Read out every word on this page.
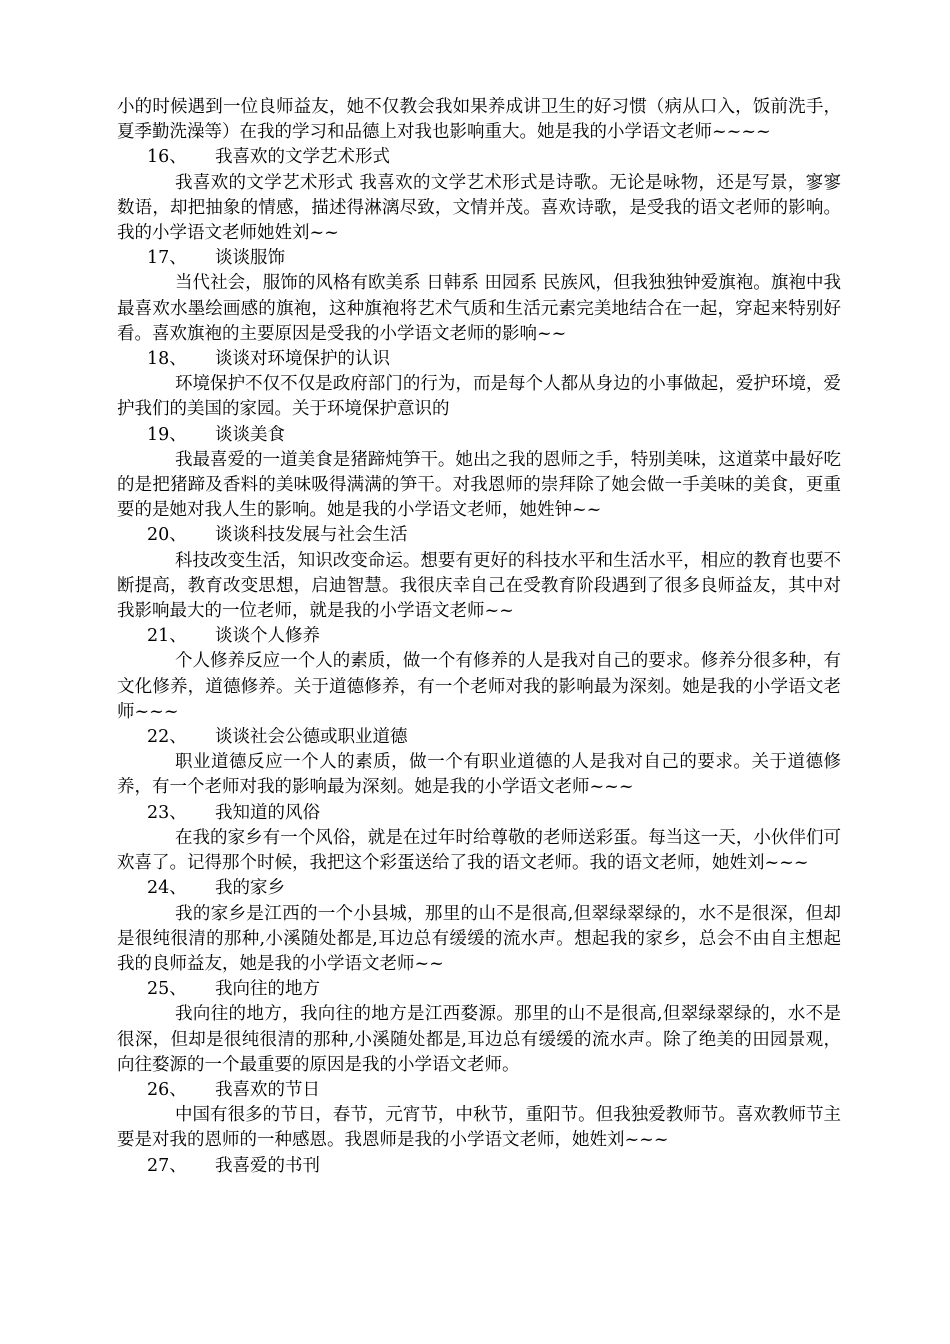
小的时候遇到一位良师益友，她不仅教会我如果养成讲卫生的好习惯（病从口入，饭前洗手，夏季勤洗澡等）在我的学习和品德上对我也影响重大。她是我的小学语文老师~~~~

16、 我喜欢的文学艺术形式

我喜欢的文学艺术形式 我喜欢的文学艺术形式是诗歌。无论是咏物，还是写景，寥寥数语，却把抽象的情感，描述得淋漓尽致，文情并茂。喜欢诗歌，是受我的语文老师的影响。我的小学语文老师她姓刘~~

17、 谈谈服饰

当代社会，服饰的风格有欧美系 日韩系 田园系 民族风，但我独独钟爱旗袍。旗袍中我最喜欢水墨绘画感的旗袍，这种旗袍将艺术气质和生活元素完美地结合在一起，穿起来特别好看。喜欢旗袍的主要原因是受我的小学语文老师的影响~~

18、 谈谈对环境保护的认识

环境保护不仅不仅是政府部门的行为，而是每个人都从身边的小事做起，爱护环境，爱护我们的美国的家园。关于环境保护意识的

19、 谈谈美食

我最喜爱的一道美食是猪蹄炖笋干。她出之我的恩师之手，特别美味，这道菜中最好吃的是把猪蹄及香料的美味吸得满满的笋干。对我恩师的崇拜除了她会做一手美味的美食，更重要的是她对我人生的影响。她是我的小学语文老师，她姓钟~~

20、 谈谈科技发展与社会生活

科技改变生活，知识改变命运。想要有更好的科技水平和生活水平，相应的教育也要不断提高，教育改变思想，启迪智慧。我很庆幸自己在受教育阶段遇到了很多良师益友，其中对我影响最大的一位老师，就是我的小学语文老师~~

21、 谈谈个人修养

个人修养反应一个人的素质，做一个有修养的人是我对自己的要求。修养分很多种，有文化修养，道德修养。关于道德修养，有一个老师对我的影响最为深刻。她是我的小学语文老师~~~

22、 谈谈社会公德或职业道德

职业道德反应一个人的素质，做一个有职业道德的人是我对自己的要求。关于道德修养，有一个老师对我的影响最为深刻。她是我的小学语文老师~~~

23、 我知道的风俗

在我的家乡有一个风俗，就是在过年时给尊敬的老师送彩蛋。每当这一天，小伙伴们可欢喜了。记得那个时候，我把这个彩蛋送给了我的语文老师。我的语文老师，她姓刘~~~

24、 我的家乡

我的家乡是江西的一个小县城，那里的山不是很高,但翠绿翠绿的，水不是很深，但却是很纯很清的那种,小溪随处都是,耳边总有缓缓的流水声。想起我的家乡，总会不由自主想起我的良师益友，她是我的小学语文老师~~

25、 我向往的地方

我向往的地方，我向往的地方是江西婺源。那里的山不是很高,但翠绿翠绿的，水不是很深，但却是很纯很清的那种,小溪随处都是,耳边总有缓缓的流水声。除了绝美的田园景观，向往婺源的一个最重要的原因是我的小学语文老师。

26、 我喜欢的节日

中国有很多的节日，春节，元宵节，中秋节，重阳节。但我独爱教师节。喜欢教师节主要是对我的恩师的一种感恩。我恩师是我的小学语文老师，她姓刘~~~

27、 我喜爱的书刊
